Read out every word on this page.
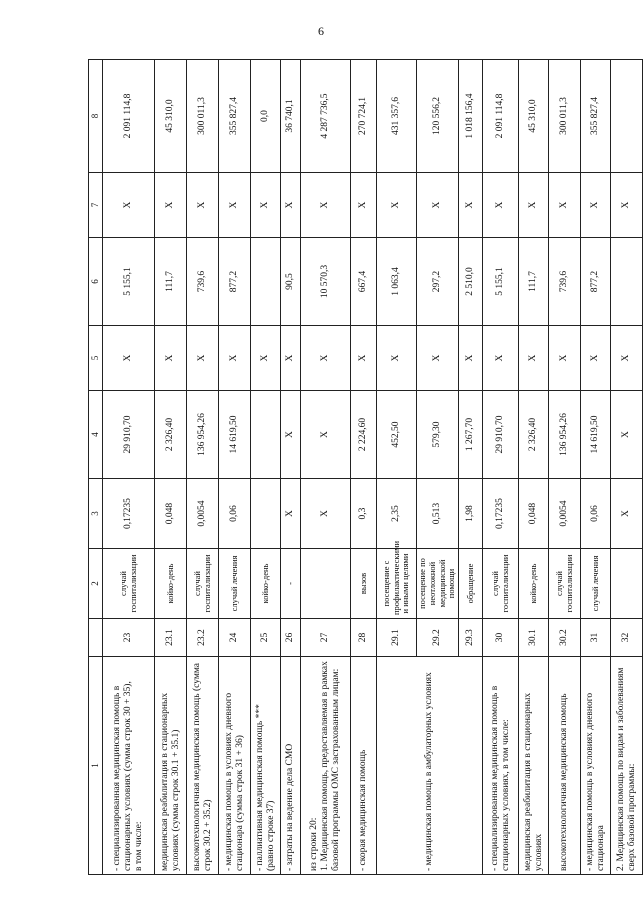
6
1		2	3	4	5	6	7	8
- специализированная медицинская помощь в стационарных условиях (сумма строк 30 + 35),
в том числе:	23	случай госпитализации	0,17235	29 910,70	X	5 155,1	X	2 091 114,8
медицинская реабилитация в стационарных условиях (сумма строк 30.1 + 35.1)	23.1	койко-день	0,048	2 326,40	X	111,7	X	45 310,0
высокотехнологичная медицинская помощь (сумма строк 30.2 + 35.2)	23.2	случай госпитализации	0,0054	136 954,26	X	739,6	X	300 011,3
- медицинская помощь в условиях дневного стационара (сумма строк 31 + 36)	24	случай лечения	0,06	14 619,50	X	877,2	X	355 827,4
- паллиативная медицинская помощь ***
(равно строке 37)	25	койко-день			X		X	0,0
- затраты на ведение дела СМО	26	-	X	X	X	90,5	X	36 740,1
из строки 20:
1. Медицинская помощь, предоставляемая в рамках базовой программы ОМС застрахованным лицам:	27		X	X	X	10 570,3	X	4 287 736,5
- скорая медицинская помощь	28	вызов	0,3	2 224,60	X	667,4	X	270 724,1
- медицинская помощь в амбулаторных условиях	29.1	посещение с профилактическими и иными целями	2,35	452,50	X	1 063,4	X	431 357,6
	29.2	посещение по неотложной медицинской помощи	0,513	579,30	X	297,2	X	120 556,2
	29.3	обращение	1,98	1 267,70	X	2 510,0	X	1 018 156,4
- специализированная медицинская помощь в стационарных условиях, в том числе:	30	случай госпитализации	0,17235	29 910,70	X	5 155,1	X	2 091 114,8
медицинская реабилитация в стационарных условиях	30.1	койко-день	0,048	2 326,40	X	111,7	X	45 310,0
высокотехнологичная медицинская помощь	30.2	случай госпитализации	0,0054	136 954,26	X	739,6	X	300 011,3
- медицинская помощь в условиях дневного стационара	31	случай лечения	0,06	14 619,50	X	877,2	X	355 827,4
2. Медицинская помощь по видам и заболеваниям сверх базовой программы:	32		X	X	X		X	
